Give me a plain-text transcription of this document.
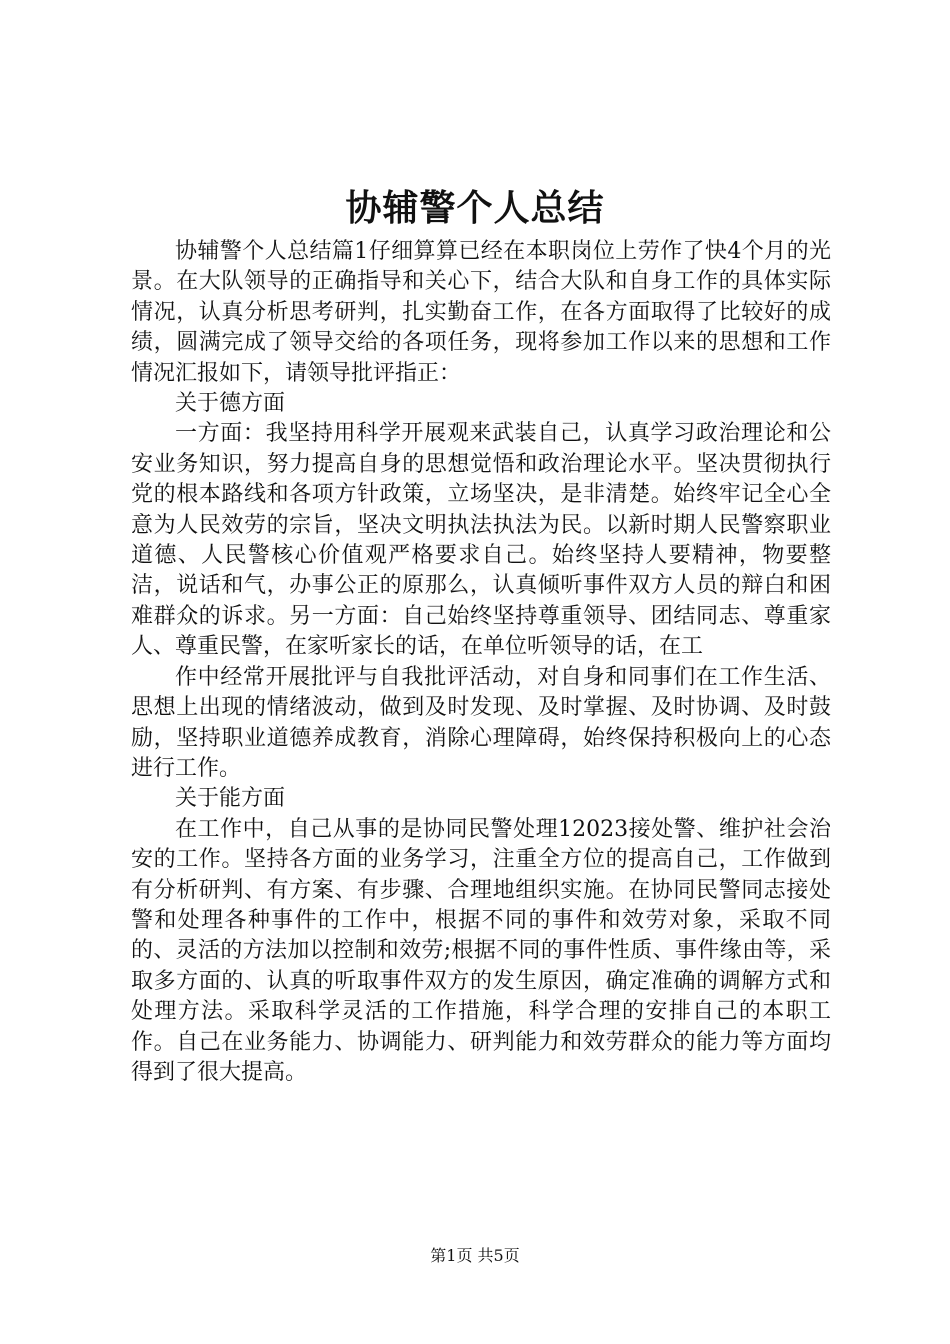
协辅警个人总结

协辅警个人总结篇1仔细算算已经在本职岗位上劳作了快4个月的光景。在大队领导的正确指导和关心下，结合大队和自身工作的具体实际情况，认真分析思考研判，扎实勤奋工作，在各方面取得了比较好的成绩，圆满完成了领导交给的各项任务，现将参加工作以来的思想和工作情况汇报如下，请领导批评指正：

关于德方面

一方面：我坚持用科学开展观来武装自己，认真学习政治理论和公安业务知识，努力提高自身的思想觉悟和政治理论水平。坚决贯彻执行党的根本路线和各项方针政策，立场坚决，是非清楚。始终牢记全心全意为人民效劳的宗旨，坚决文明执法执法为民。以新时期人民警察职业道德、人民警核心价值观严格要求自己。始终坚持人要精神，物要整洁，说话和气，办事公正的原那么，认真倾听事件双方人员的辩白和困难群众的诉求。另一方面：自己始终坚持尊重领导、团结同志、尊重家人、尊重民警，在家听家长的话，在单位听领导的话，在工

作中经常开展批评与自我批评活动，对自身和同事们在工作生活、思想上出现的情绪波动，做到及时发现、及时掌握、及时协调、及时鼓励，坚持职业道德养成教育，消除心理障碍，始终保持积极向上的心态进行工作。

关于能方面

在工作中，自己从事的是协同民警处理12023接处警、维护社会治安的工作。坚持各方面的业务学习，注重全方位的提高自己，工作做到有分析研判、有方案、有步骤、合理地组织实施。在协同民警同志接处警和处理各种事件的工作中，根据不同的事件和效劳对象，采取不同的、灵活的方法加以控制和效劳;根据不同的事件性质、事件缘由等，采取多方面的、认真的听取事件双方的发生原因，确定准确的调解方式和处理方法。采取科学灵活的工作措施，科学合理的安排自己的本职工作。自己在业务能力、协调能力、研判能力和效劳群众的能力等方面均得到了很大提高。

第1页 共5页
